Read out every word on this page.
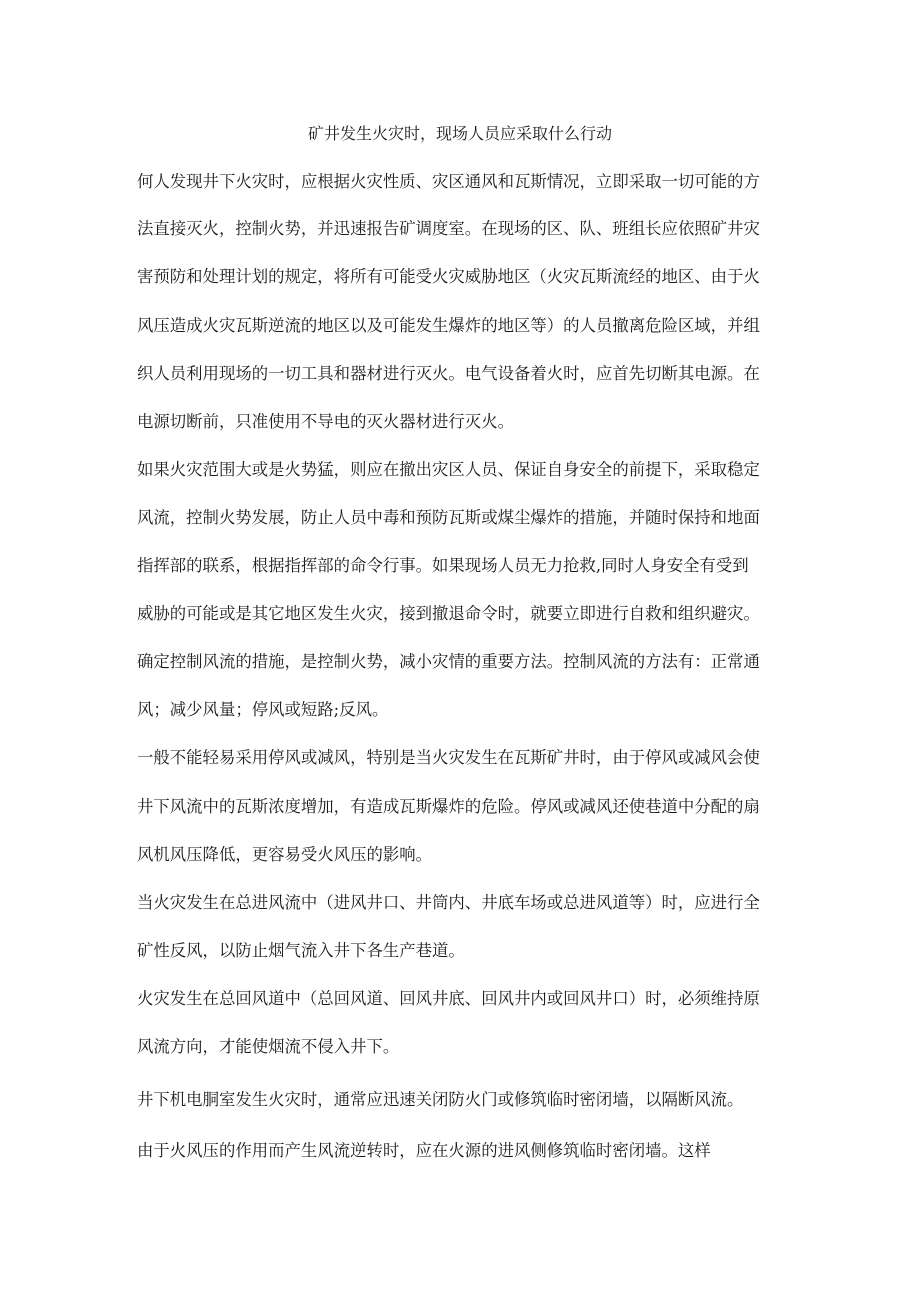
矿井发生火灾时，现场人员应采取什么行动
何人发现井下火灾时，应根据火灾性质、灾区通风和瓦斯情况，立即采取一切可能的方
法直接灭火，控制火势，并迅速报告矿调度室。在现场的区、队、班组长应依照矿井灾
害预防和处理计划的规定，将所有可能受火灾威胁地区（火灾瓦斯流经的地区、由于火
风压造成火灾瓦斯逆流的地区以及可能发生爆炸的地区等）的人员撤离危险区域，并组
织人员利用现场的一切工具和器材进行灭火。电气设备着火时，应首先切断其电源。在
电源切断前，只准使用不导电的灭火器材进行灭火。
如果火灾范围大或是火势猛，则应在撤出灾区人员、保证自身安全的前提下，采取稳定
风流，控制火势发展，防止人员中毒和预防瓦斯或煤尘爆炸的措施，并随时保持和地面
指挥部的联系，根据指挥部的命令行事。如果现场人员无力抢救,同时人身安全有受到
威胁的可能或是其它地区发生火灾，接到撤退命令时，就要立即进行自救和组织避灾。
确定控制风流的措施，是控制火势，减小灾情的重要方法。控制风流的方法有：正常通
风；减少风量；停风或短路;反风。
一般不能轻易采用停风或减风，特别是当火灾发生在瓦斯矿井时，由于停风或减风会使
井下风流中的瓦斯浓度增加，有造成瓦斯爆炸的危险。停风或减风还使巷道中分配的扇
风机风压降低，更容易受火风压的影响。
当火灾发生在总进风流中（进风井口、井筒内、井底车场或总进风道等）时，应进行全
矿性反风，以防止烟气流入井下各生产巷道。
火灾发生在总回风道中（总回风道、回风井底、回风井内或回风井口）时，必须维持原
风流方向，才能使烟流不侵入井下。
井下机电胴室发生火灾时，通常应迅速关闭防火门或修筑临时密闭墙，以隔断风流。
由于火风压的作用而产生风流逆转时，应在火源的进风侧修筑临时密闭墙。这样
